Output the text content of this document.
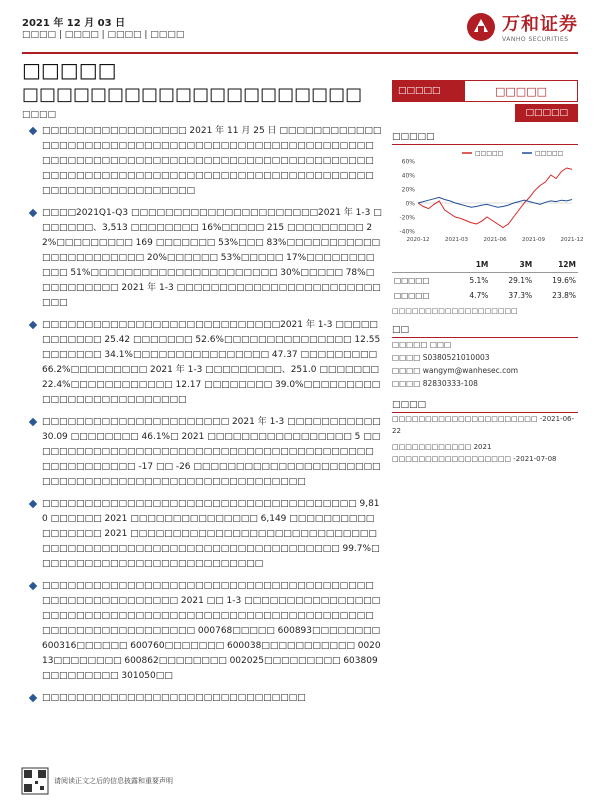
2021 年 12 月 03 日
□□□□ | □□□□ | □□□□ | □□□□	万和证券
VANHO SECURITIES
□□□□□
□□□□□□□□□□□□□□□□□□□□
□□□□
□□□□□□□□□□□□□□□□□ 2021 年 11 月 25 日 □□□□□□□□□□□□□□□□□□□□□□□□□□□□□□□□□□□□□□□□□□□□□□□□□□□□□□□□□□□□□□□□□□□□□□□□□□□□□□□□□□□□□□□□□□□□□□□□□□□□□□□□□□□□□□□□□□□□□□□□□□□□□□□□□□□□□□□□□□□□□□□□□□□
□□□□2021Q1-Q3 □□□□□□□□□□□□□□□□□□□□□□2021 年 1-3 □□□□□□□、3,513 □□□□□□□□ 16%□□□□□ 215 □□□□□□□□□ 22%□□□□□□□□□ 169 □□□□□□□ 53%□□□ 83%□□□□□□□□□□□□□□□□□□□□□□□ 20%□□□□□□ 53%□□□□□ 17%□□□□□□□□□□□ 51%□□□□□□□□□□□□□□□□□□□□□□ 30%□□□□□ 78%□□□□□□□□□□ 2021 年 1-3 □□□□□□□□□□□□□□□□□□□□□□□□□□□
□□□□□□□□□□□□□□□□□□□□□□□□□□□□2021 年 1-3 □□□□□□□□□□□□ 25.42 □□□□□□□ 52.6%□□□□□□□□□□□□□□□ 12.55 □□□□□□□ 34.1%□□□□□□□□□□□□□□□□ 47.37 □□□□□□□□□ 66.2%□□□□□□□□□ 2021 年 1-3 □□□□□□□□□、251.0 □□□□□□□ 22.4%□□□□□□□□□□□□ 12.17 □□□□□□□□ 39.0%□□□□□□□□□□□□□□□□□□□□□□□□□□
□□□□□□□□□□□□□□□□□□□□□□ 2021 年 1-3 □□□□□□□□□□□ 30.09 □□□□□□□□ 46.1%□ 2021 □□□□□□□□□□□□□□□□□ 5 □□□□□□□□□□□□□□□□□□□□□□□□□□□□□□□□□□□□□□□□□□□□□□□□□□□□ -17 □□ -26 □□□□□□□□□□□□□□□□□□□□□□□□□□□□□□□□□□□□□□□□□□□□□□□□□□□□□
□□□□□□□□□□□□□□□□□□□□□□□□□□□□□□□□□□□□□ 9,810 □□□□□□ 2021 □□□□□□□□□□□□□□□ 6,149 □□□□□□□□□□□□□□□□□ 2021 □□□□□□□□□□□□□□□□□□□□□□□□□□□□□□□□□□□□□□□□□□□□□□□□□□□□□□□□□□□□□□□□ 99.7%□□□□□□□□□□□□□□□□□□□□□□□□□□□
□□□□□□□□□□□□□□□□□□□□□□□□□□□□□□□□□□□□□□□□□□□□□□□□□□□□□□□ 2021 □□ 1-3 □□□□□□□□□□□□□□□□□□□□□□□□□□□□□□□□□□□□□□□□□□□□□□□□□□□□□□□□□□□□□□□□□□□□□□□□□ 000768□□□□□ 600893□□□□□□□□ 600316□□□□□□ 600760□□□□□□□ 600038□□□□□□□□□□□ 002013□□□□□□□□ 600862□□□□□□□□ 002025□□□□□□□□□ 603809□□□□□□□□□ 301050□□
□□□□□□□□□□□□□□□□□□□□□□□□□□□□□□□
□□□□□	□□□□□
□□□□□
□□□□□
60%
40%
20%
0%
-20%
-40%
2020-12	2021-03	2021-06	2021-09	2021-12
□□□□□	□□□□□
	1M	3M	12M
□□□□□	5.1%	29.1%	19.6%
□□□□□	4.7%	37.3%	23.8%
□□□□□□□□□□□□□□□□□□□
□□
□□□□□ □□□
□□□□ S0380521010003
□□□□ wangym@wanhesec.com
□□□□ 82830333-108
□□□□
□□□□□□□□□□□□□□□□□□□□□□ -2021-06-22
□□□□□□□□□□□□ 2021 □□□□□□□□□□□□□□□□□□ -2021-07-08
请阅读正文之后的信息披露和重要声明
